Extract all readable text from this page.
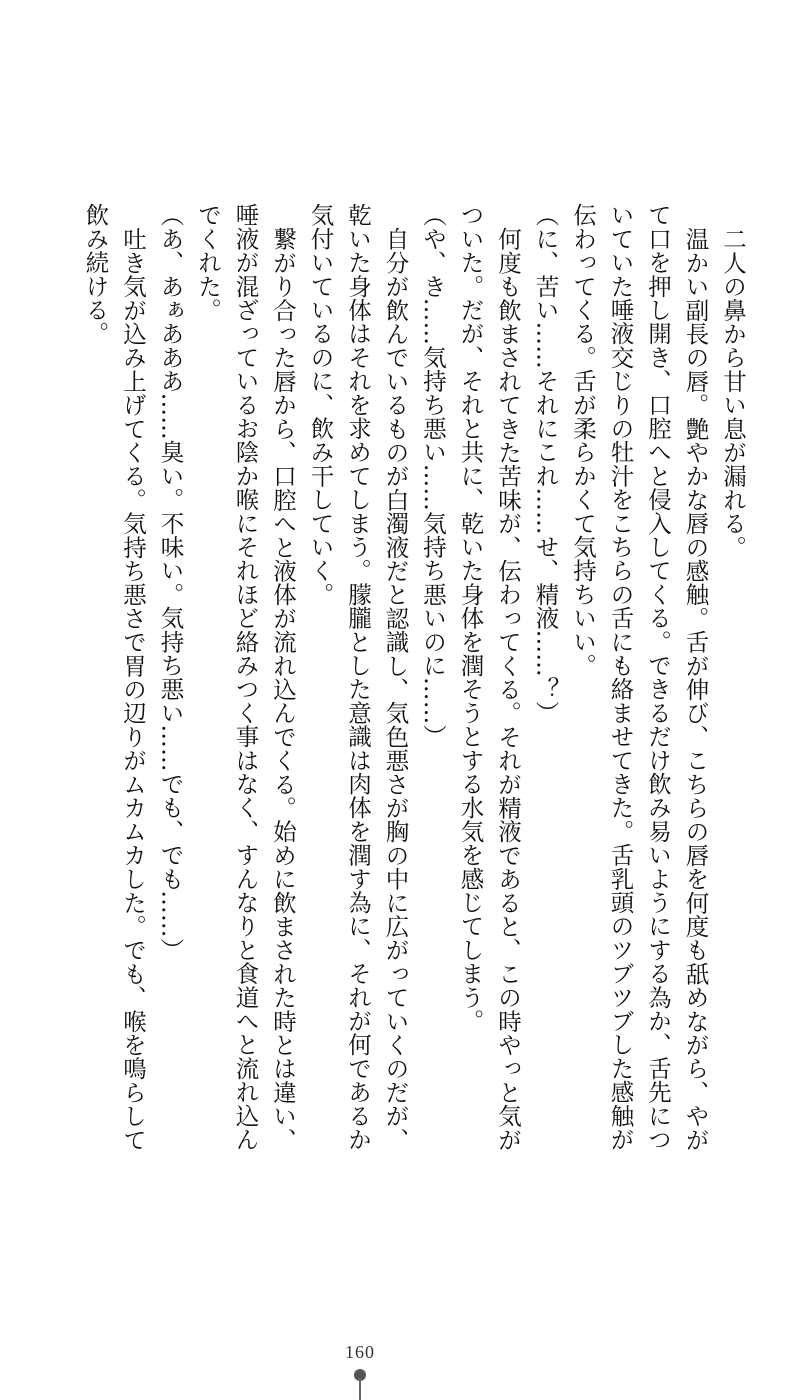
二人の鼻から甘い息が漏れる。
温かい副長の唇。艶やかな唇の感触。舌が伸び、こちらの唇を何度も舐めながら、やが
て口を押し開き、口腔へと侵入してくる。できるだけ飲み易いようにする為か、舌先につ
いていた唾液交じりの牡汁をこちらの舌にも絡ませてきた。舌乳頭のツブツブした感触が
伝わってくる。舌が柔らかくて気持ちいい。
（に、苦い……それにこれ……せ、精液……？）
何度も飲まされてきた苦味が、伝わってくる。それが精液であると、この時やっと気が
ついた。だが、それと共に、乾いた身体を潤そうとする水気を感じてしまう。
（や、き……気持ち悪い……気持ち悪いのに……）
自分が飲んでいるものが白濁液だと認識し、気色悪さが胸の中に広がっていくのだが、
乾いた身体はそれを求めてしまう。朦朧とした意識は肉体を潤す為に、それが何であるか
気付いているのに、飲み干していく。
繋がり合った唇から、口腔へと液体が流れ込んでくる。始めに飲まされた時とは違い、
唾液が混ざっているお陰か喉にそれほど絡みつく事はなく、すんなりと食道へと流れ込ん
でくれた。
（あ、あぁあああ……臭い。不味い。気持ち悪い……でも、でも……）
吐き気が込み上げてくる。気持ち悪さで胃の辺りがムカムカした。でも、喉を鳴らして
飲み続ける。
160
